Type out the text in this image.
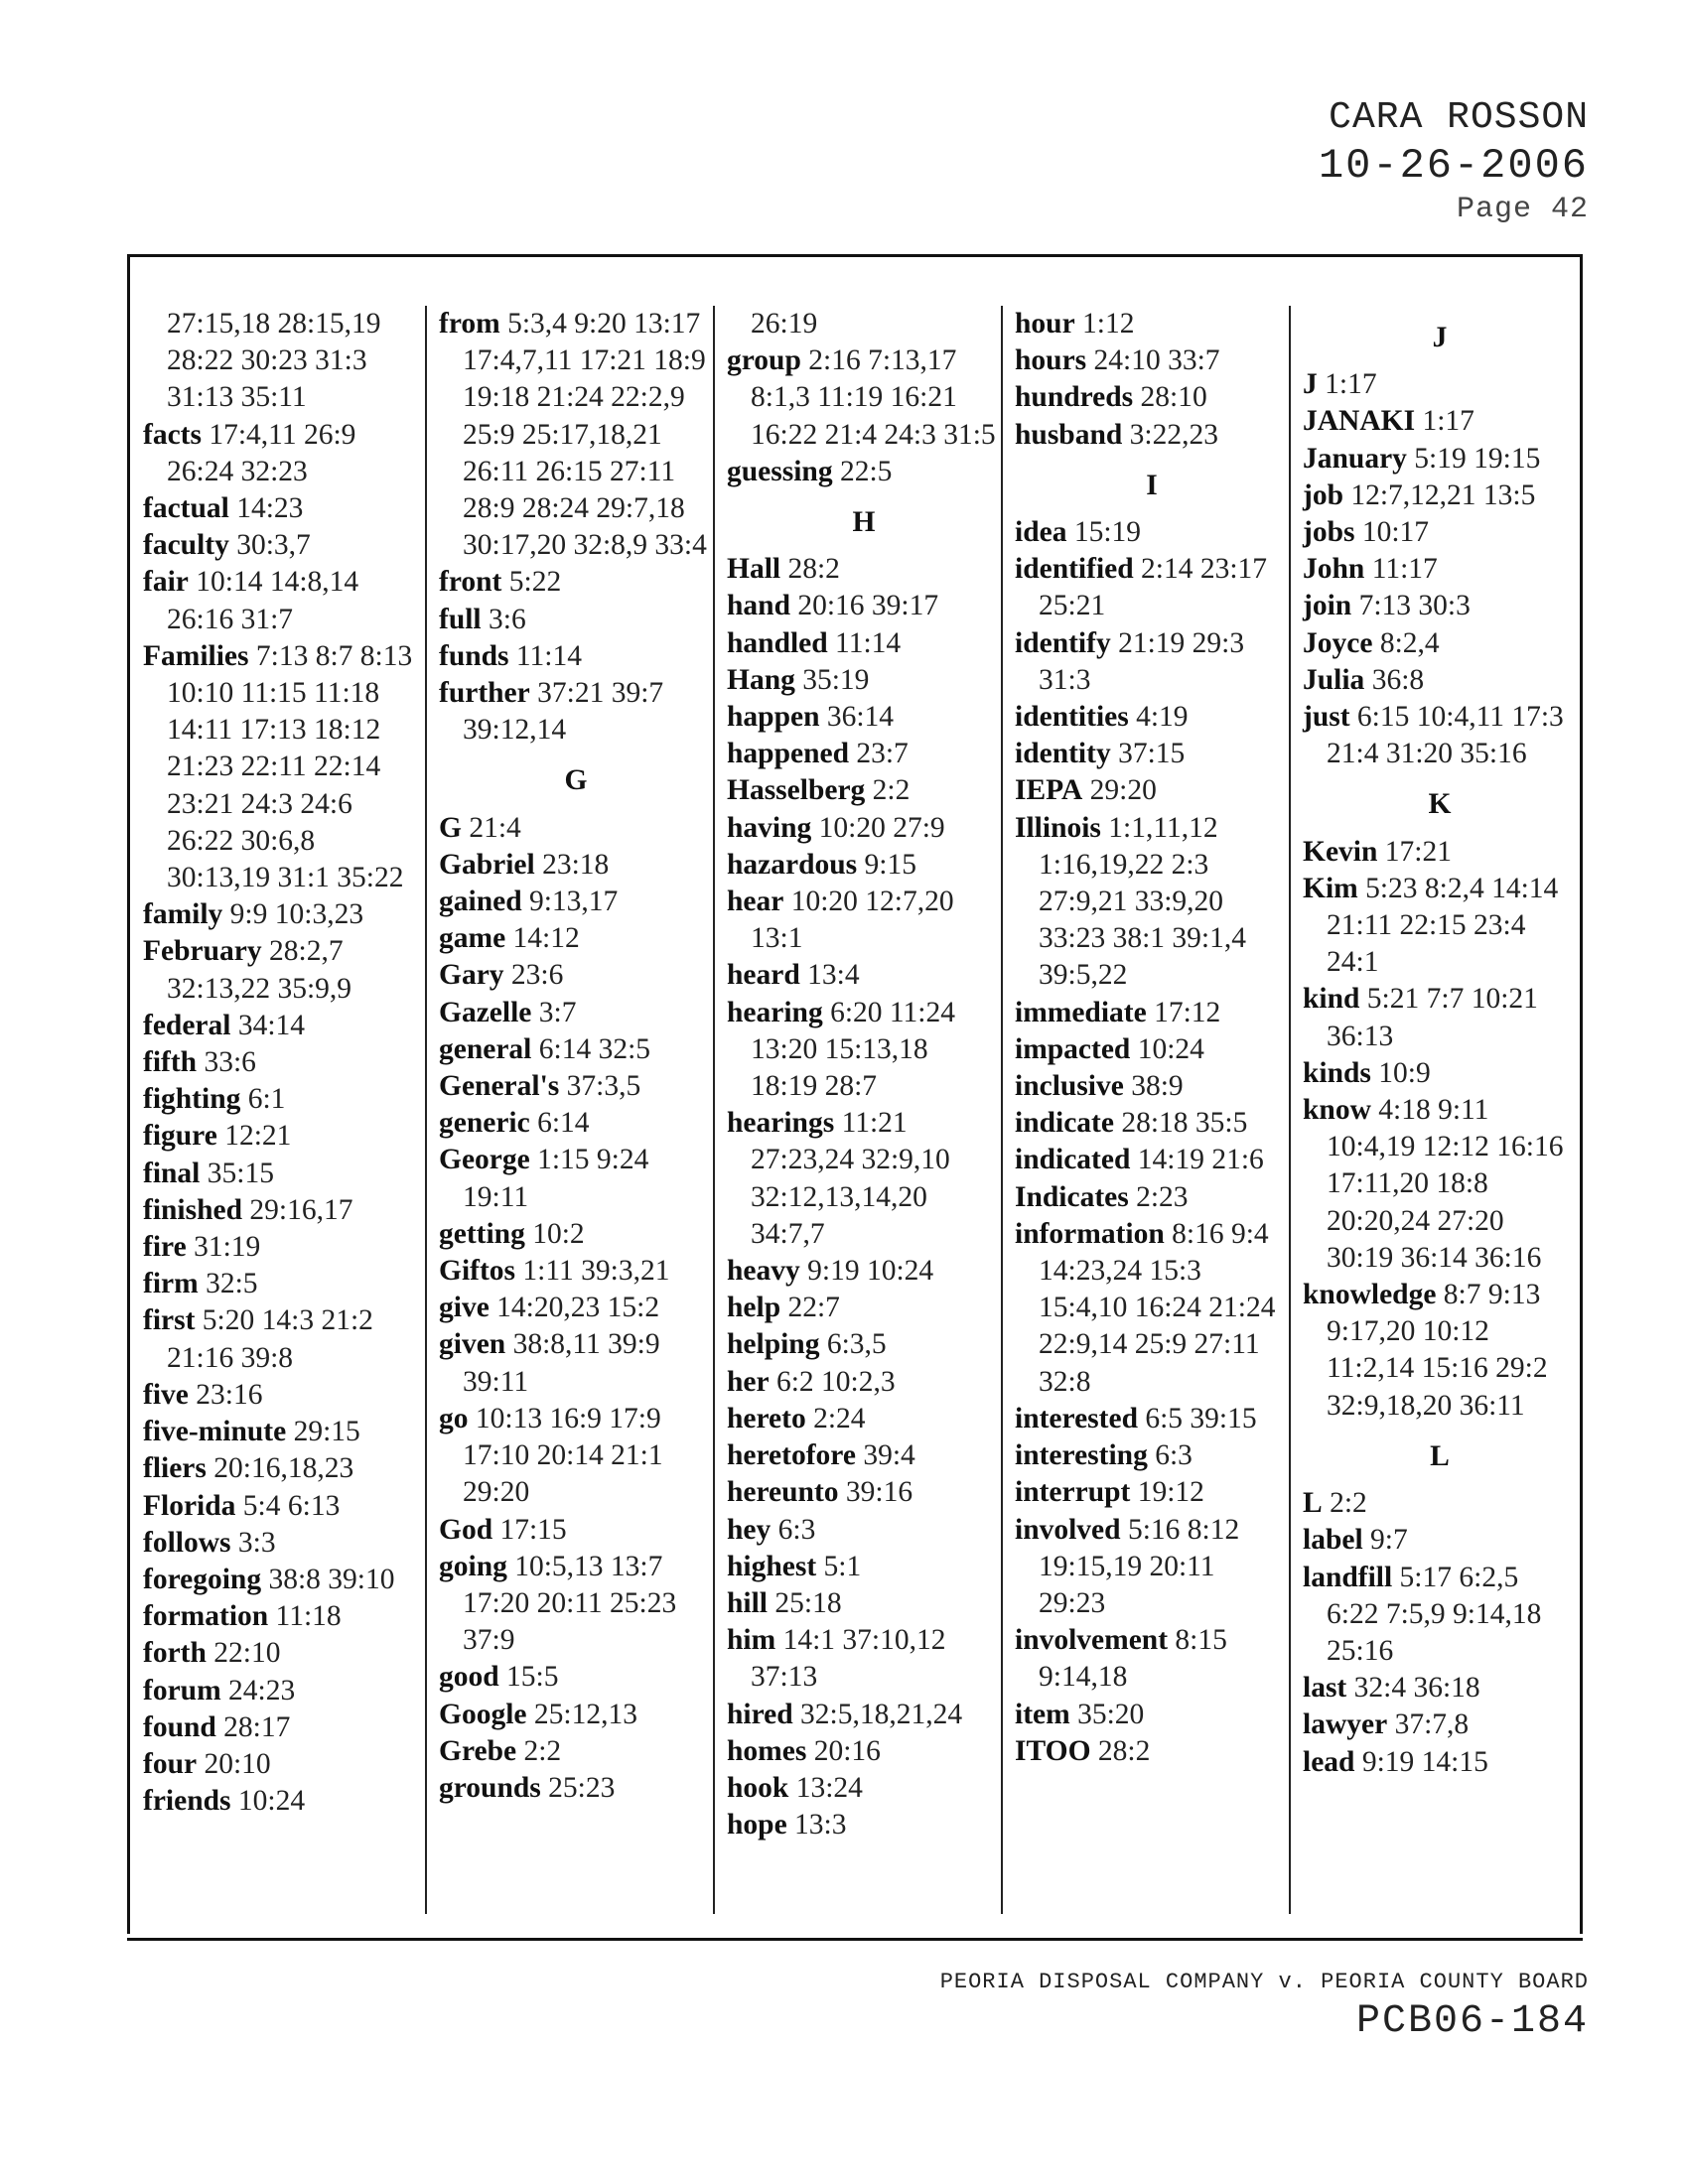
CARA ROSSON
10-26-2006
Page 42
27:15,18 28:15,19 28:22 30:23 31:3 31:13 35:11
facts 17:4,11 26:9 26:24 32:23
factual 14:23
faculty 30:3,7
fair 10:14 14:8,14 26:16 31:7
Families 7:13 8:7 8:13 10:10 11:15 11:18 14:11 17:13 18:12 21:23 22:11 22:14 23:21 24:3 24:6 26:22 30:6,8 30:13,19 31:1 35:22
family 9:9 10:3,23
February 28:2,7 32:13,22 35:9,9
federal 34:14
fifth 33:6
fighting 6:1
figure 12:21
final 35:15
finished 29:16,17
fire 31:19
firm 32:5
first 5:20 14:3 21:2 21:16 39:8
five 23:16
five-minute 29:15
fliers 20:16,18,23
Florida 5:4 6:13
follows 3:3
foregoing 38:8 39:10
formation 11:18
forth 22:10
forum 24:23
found 28:17
four 20:10
friends 10:24
from 5:3,4 9:20 13:17 17:4,7,11 17:21 18:9 19:18 21:24 22:2,9 25:9 25:17,18,21 26:11 26:15 27:11 28:9 28:24 29:7,18 30:17,20 32:8,9 33:4
front 5:22
full 3:6
funds 11:14
further 37:21 39:7 39:12,14
G
G 21:4
Gabriel 23:18
gained 9:13,17
game 14:12
Gary 23:6
Gazelle 3:7
general 6:14 32:5
General's 37:3,5
generic 6:14
George 1:15 9:24 19:11
getting 10:2
Giftos 1:11 39:3,21
give 14:20,23 15:2
given 38:8,11 39:9 39:11
go 10:13 16:9 17:9 17:10 20:14 21:1 29:20
God 17:15
going 10:5,13 13:7 17:20 20:11 25:23 37:9
good 15:5
Google 25:12,13
Grebe 2:2
grounds 25:23
26:19
group 2:16 7:13,17 8:1,3 11:19 16:21 16:22 21:4 24:3 31:5
guessing 22:5
H
Hall 28:2
hand 20:16 39:17
handled 11:14
Hang 35:19
happen 36:14
happened 23:7
Hasselberg 2:2
having 10:20 27:9
hazardous 9:15
hear 10:20 12:7,20 13:1
heard 13:4
hearing 6:20 11:24 13:20 15:13,18 18:19 28:7
hearings 11:21 27:23,24 32:9,10 32:12,13,14,20 34:7,7
heavy 9:19 10:24
help 22:7
helping 6:3,5
her 6:2 10:2,3
hereto 2:24
heretofore 39:4
hereunto 39:16
hey 6:3
highest 5:1
hill 25:18
him 14:1 37:10,12 37:13
hired 32:5,18,21,24
homes 20:16
hook 13:24
hope 13:3
hour 1:12
hours 24:10 33:7
hundreds 28:10
husband 3:22,23
I
idea 15:19
identified 2:14 23:17 25:21
identify 21:19 29:3 31:3
identities 4:19
identity 37:15
IEPA 29:20
Illinois 1:1,11,12 1:16,19,22 2:3 27:9,21 33:9,20 33:23 38:1 39:1,4 39:5,22
immediate 17:12
impacted 10:24
inclusive 38:9
indicate 28:18 35:5
indicated 14:19 21:6
Indicates 2:23
information 8:16 9:4 14:23,24 15:3 15:4,10 16:24 21:24 22:9,14 25:9 27:11 32:8
interested 6:5 39:15
interesting 6:3
interrupt 19:12
involved 5:16 8:12 19:15,19 20:11 29:23
involvement 8:15 9:14,18
item 35:20
ITOO 28:2
J
J 1:17
JANAKI 1:17
January 5:19 19:15
job 12:7,12,21 13:5
jobs 10:17
John 11:17
join 7:13 30:3
Joyce 8:2,4
Julia 36:8
just 6:15 10:4,11 17:3 21:4 31:20 35:16
K
Kevin 17:21
Kim 5:23 8:2,4 14:14 21:11 22:15 23:4 24:1
kind 5:21 7:7 10:21 36:13
kinds 10:9
know 4:18 9:11 10:4,19 12:12 16:16 17:11,20 18:8 20:20,24 27:20 30:19 36:14 36:16
knowledge 8:7 9:13 9:17,20 10:12 11:2,14 15:16 29:2 32:9,18,20 36:11
L
L 2:2
label 9:7
landfill 5:17 6:2,5 6:22 7:5,9 9:14,18 25:16
last 32:4 36:18
lawyer 37:7,8
lead 9:19 14:15
PEORIA DISPOSAL COMPANY v. PEORIA COUNTY BOARD
PCB06-184
